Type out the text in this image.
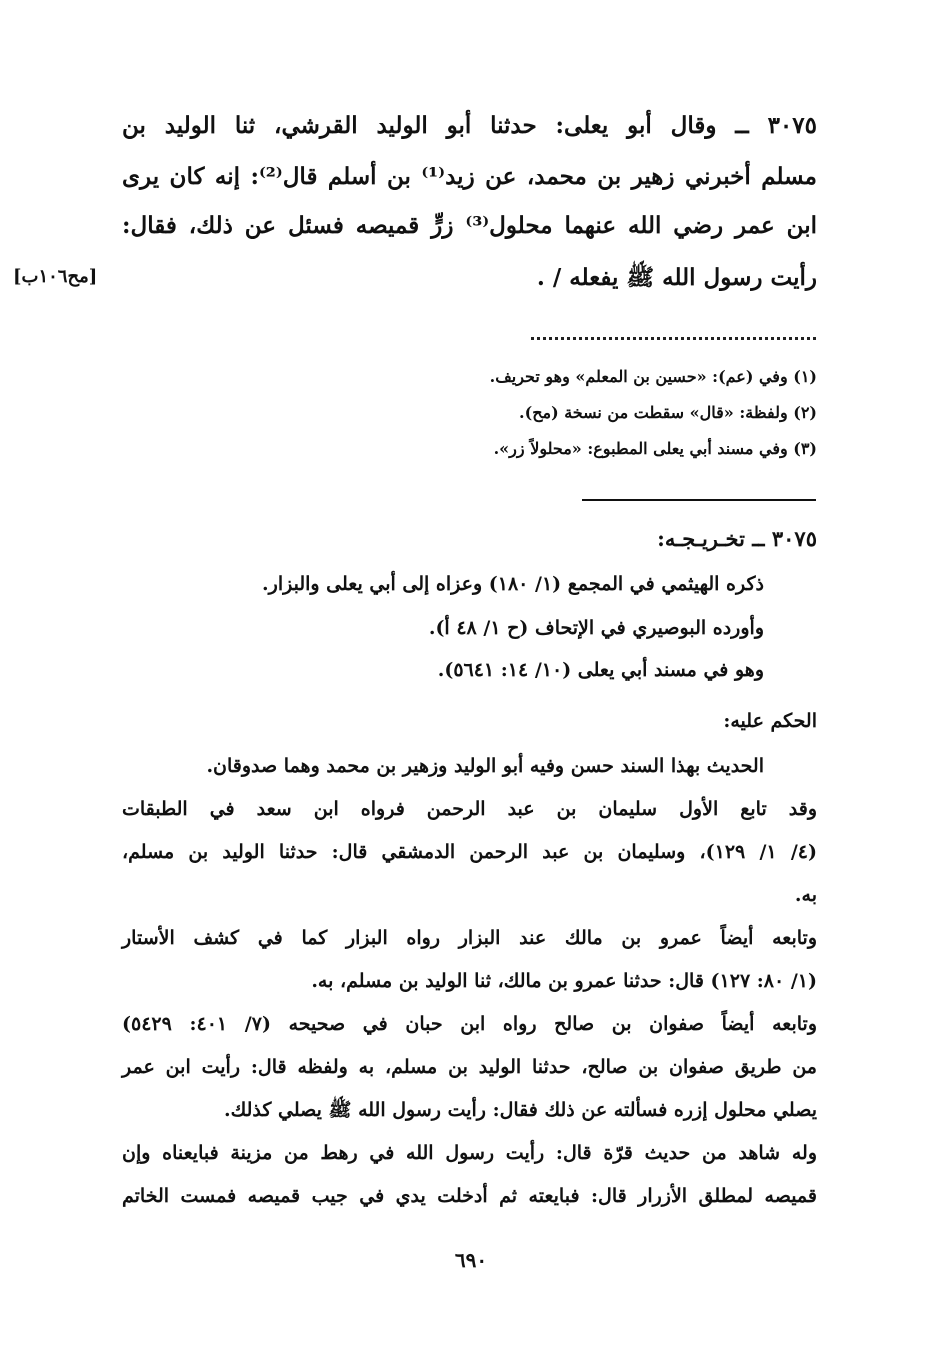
٣٠٧٥ ــ وقال أبو يعلى: حدثنا أبو الوليد القرشي، ثنا الوليد بن
مسلم أخبرني زهير بن محمد، عن زيد⁽¹⁾ بن أسلم قال⁽²⁾: إنه كان يرى
ابن عمر رضي الله عنهما محلول⁽³⁾ زرٍّ قميصه فسئل عن ذلك، فقال:
رأيت رسول الله ﷺ يفعله / .
[مح١٠٦ب]
(١) وفي (عم): «حسين بن المعلم» وهو تحريف.
(٢) ولفظة: «قال» سقطت من نسخة (مح).
(٣) وفي مسند أبي يعلى المطبوع: «محلولاً زر».
٣٠٧٥ ــ تخـريـجـه:
ذكره الهيثمي في المجمع (١/ ١٨٠) وعزاه إلى أبي يعلى والبزار.
وأورده البوصيري في الإتحاف (ح ١/ ٤٨ أ).
وهو في مسند أبي يعلى (١٠/ ١٤: ٥٦٤١).
الحكم عليه:
الحديث بهذا السند حسن وفيه أبو الوليد وزهير بن محمد وهما صدوقان.
وقد تابع الأول سليمان بن عبد الرحمن فرواه ابن سعد في الطبقات
(٤/ ١/ ١٢٩)، وسليمان بن عبد الرحمن الدمشقي قال: حدثنا الوليد بن مسلم،
به.
وتابعه أيضاً عمرو بن مالك عند البزار رواه البزار كما في كشف الأستار
(١/ ٨٠: ١٢٧) قال: حدثنا عمرو بن مالك، ثنا الوليد بن مسلم، به.
وتابعه أيضاً صفوان بن صالح رواه ابن حبان في صحيحه (٧/ ٤٠١: ٥٤٢٩)
من طريق صفوان بن صالح، حدثنا الوليد بن مسلم، به ولفظه قال: رأيت ابن عمر
يصلي محلول إزره فسألته عن ذلك فقال: رأيت رسول الله ﷺ يصلي كذلك.
وله شاهد من حديث قرّة قال: رأيت رسول الله في رهط من مزينة فبايعناه وإن
قميصه لمطلق الأزرار قال: فبايعته ثم أدخلت يدي في جيب قميصه فمست الخاتم
٦٩٠
